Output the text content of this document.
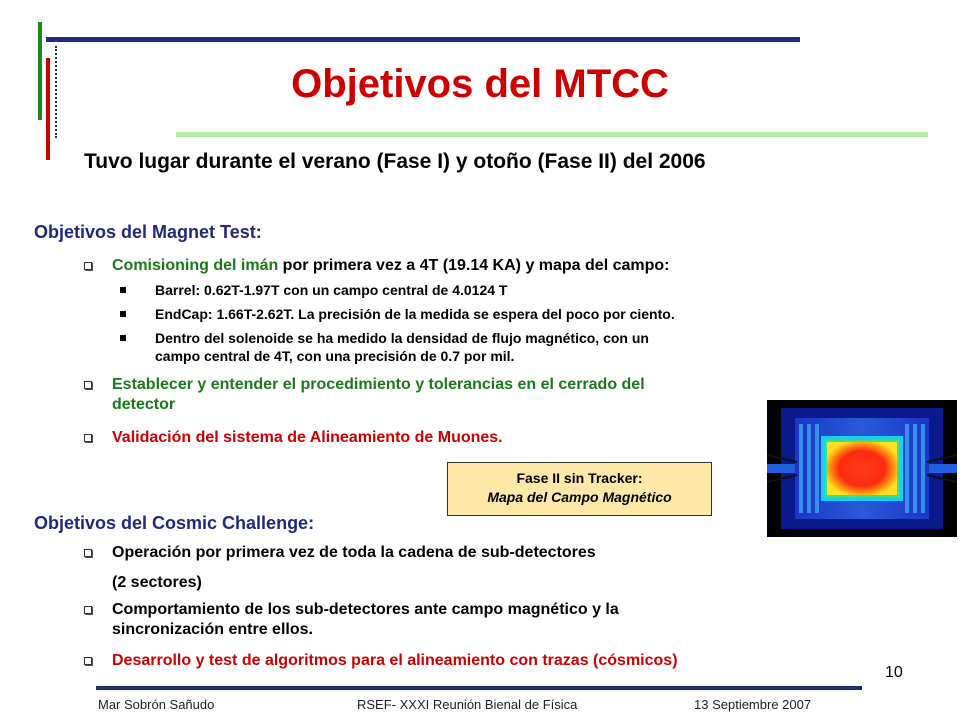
Objetivos del MTCC
Tuvo lugar durante el verano (Fase I) y otoño (Fase II) del 2006
Objetivos del Magnet Test:
Comisioning del imán por primera vez a 4T (19.14 KA) y mapa del campo:
Barrel: 0.62T-1.97T con un campo central de 4.0124 T
EndCap: 1.66T-2.62T. La precisión de la medida se espera del poco por ciento.
Dentro del solenoide se ha medido la densidad de flujo magnético, con un
campo central de 4T, con una precisión de 0.7 por mil.
Establecer y entender el procedimiento y tolerancias en el cerrado del
detector
Validación del sistema de Alineamiento de Muones.
Fase II sin Tracker:
Mapa del Campo Magnético
Objetivos del Cosmic Challenge:
Operación por primera vez de toda la cadena de sub-detectores
(2 sectores)
Comportamiento de los sub-detectores ante campo magnético y la
sincronización entre ellos.
Desarrollo y test de algoritmos para el alineamiento con trazas (cósmicos)
10
Mar Sobrón Sañudo	RSEF- XXXI Reunión Bienal de Física	13 Septiembre 2007
